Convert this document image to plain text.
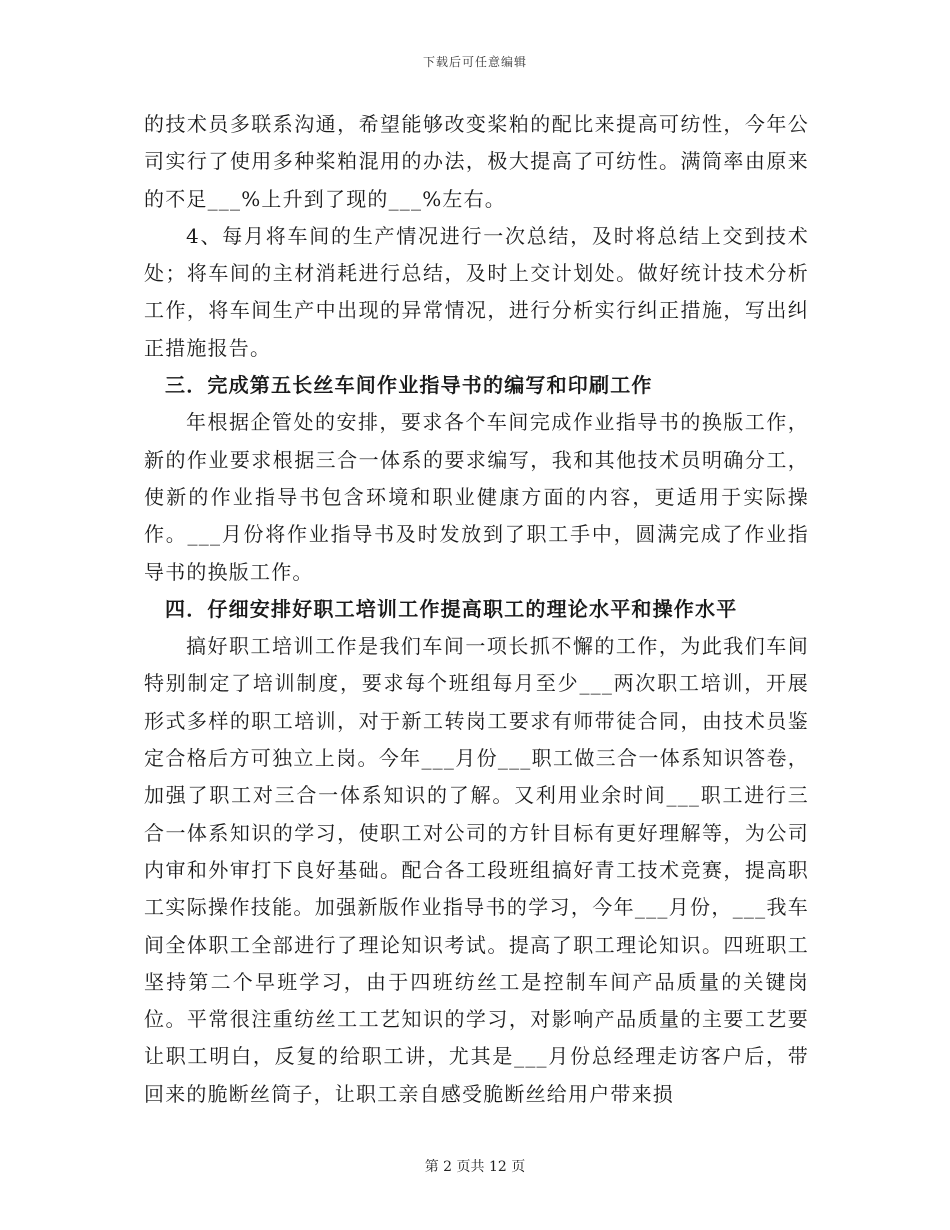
下载后可任意编辑

的技术员多联系沟通，希望能够改变桨粕的配比来提高可纺性，今年公司实行了使用多种桨粕混用的办法，极大提高了可纺性。满筒率由原来的不足___%上升到了现的___%左右。

4、每月将车间的生产情况进行一次总结，及时将总结上交到技术处；将车间的主材消耗进行总结，及时上交计划处。做好统计技术分析工作，将车间生产中出现的异常情况，进行分析实行纠正措施，写出纠正措施报告。

三．完成第五长丝车间作业指导书的编写和印刷工作

年根据企管处的安排，要求各个车间完成作业指导书的换版工作，新的作业要求根据三合一体系的要求编写，我和其他技术员明确分工，使新的作业指导书包含环境和职业健康方面的内容，更适用于实际操作。___月份将作业指导书及时发放到了职工手中，圆满完成了作业指导书的换版工作。

四．仔细安排好职工培训工作提高职工的理论水平和操作水平

搞好职工培训工作是我们车间一项长抓不懈的工作，为此我们车间特别制定了培训制度，要求每个班组每月至少___两次职工培训，开展形式多样的职工培训，对于新工转岗工要求有师带徒合同，由技术员鉴定合格后方可独立上岗。今年___月份___职工做三合一体系知识答卷，加强了职工对三合一体系知识的了解。又利用业余时间___职工进行三合一体系知识的学习，使职工对公司的方针目标有更好理解等，为公司内审和外审打下良好基础。配合各工段班组搞好青工技术竞赛，提高职工实际操作技能。加强新版作业指导书的学习，今年___月份，___我车间全体职工全部进行了理论知识考试。提高了职工理论知识。四班职工坚持第二个早班学习，由于四班纺丝工是控制车间产品质量的关键岗位。平常很注重纺丝工工艺知识的学习，对影响产品质量的主要工艺要让职工明白，反复的给职工讲，尤其是___月份总经理走访客户后，带回来的脆断丝筒子，让职工亲自感受脆断丝给用户带来损

第 2 页共 12 页
